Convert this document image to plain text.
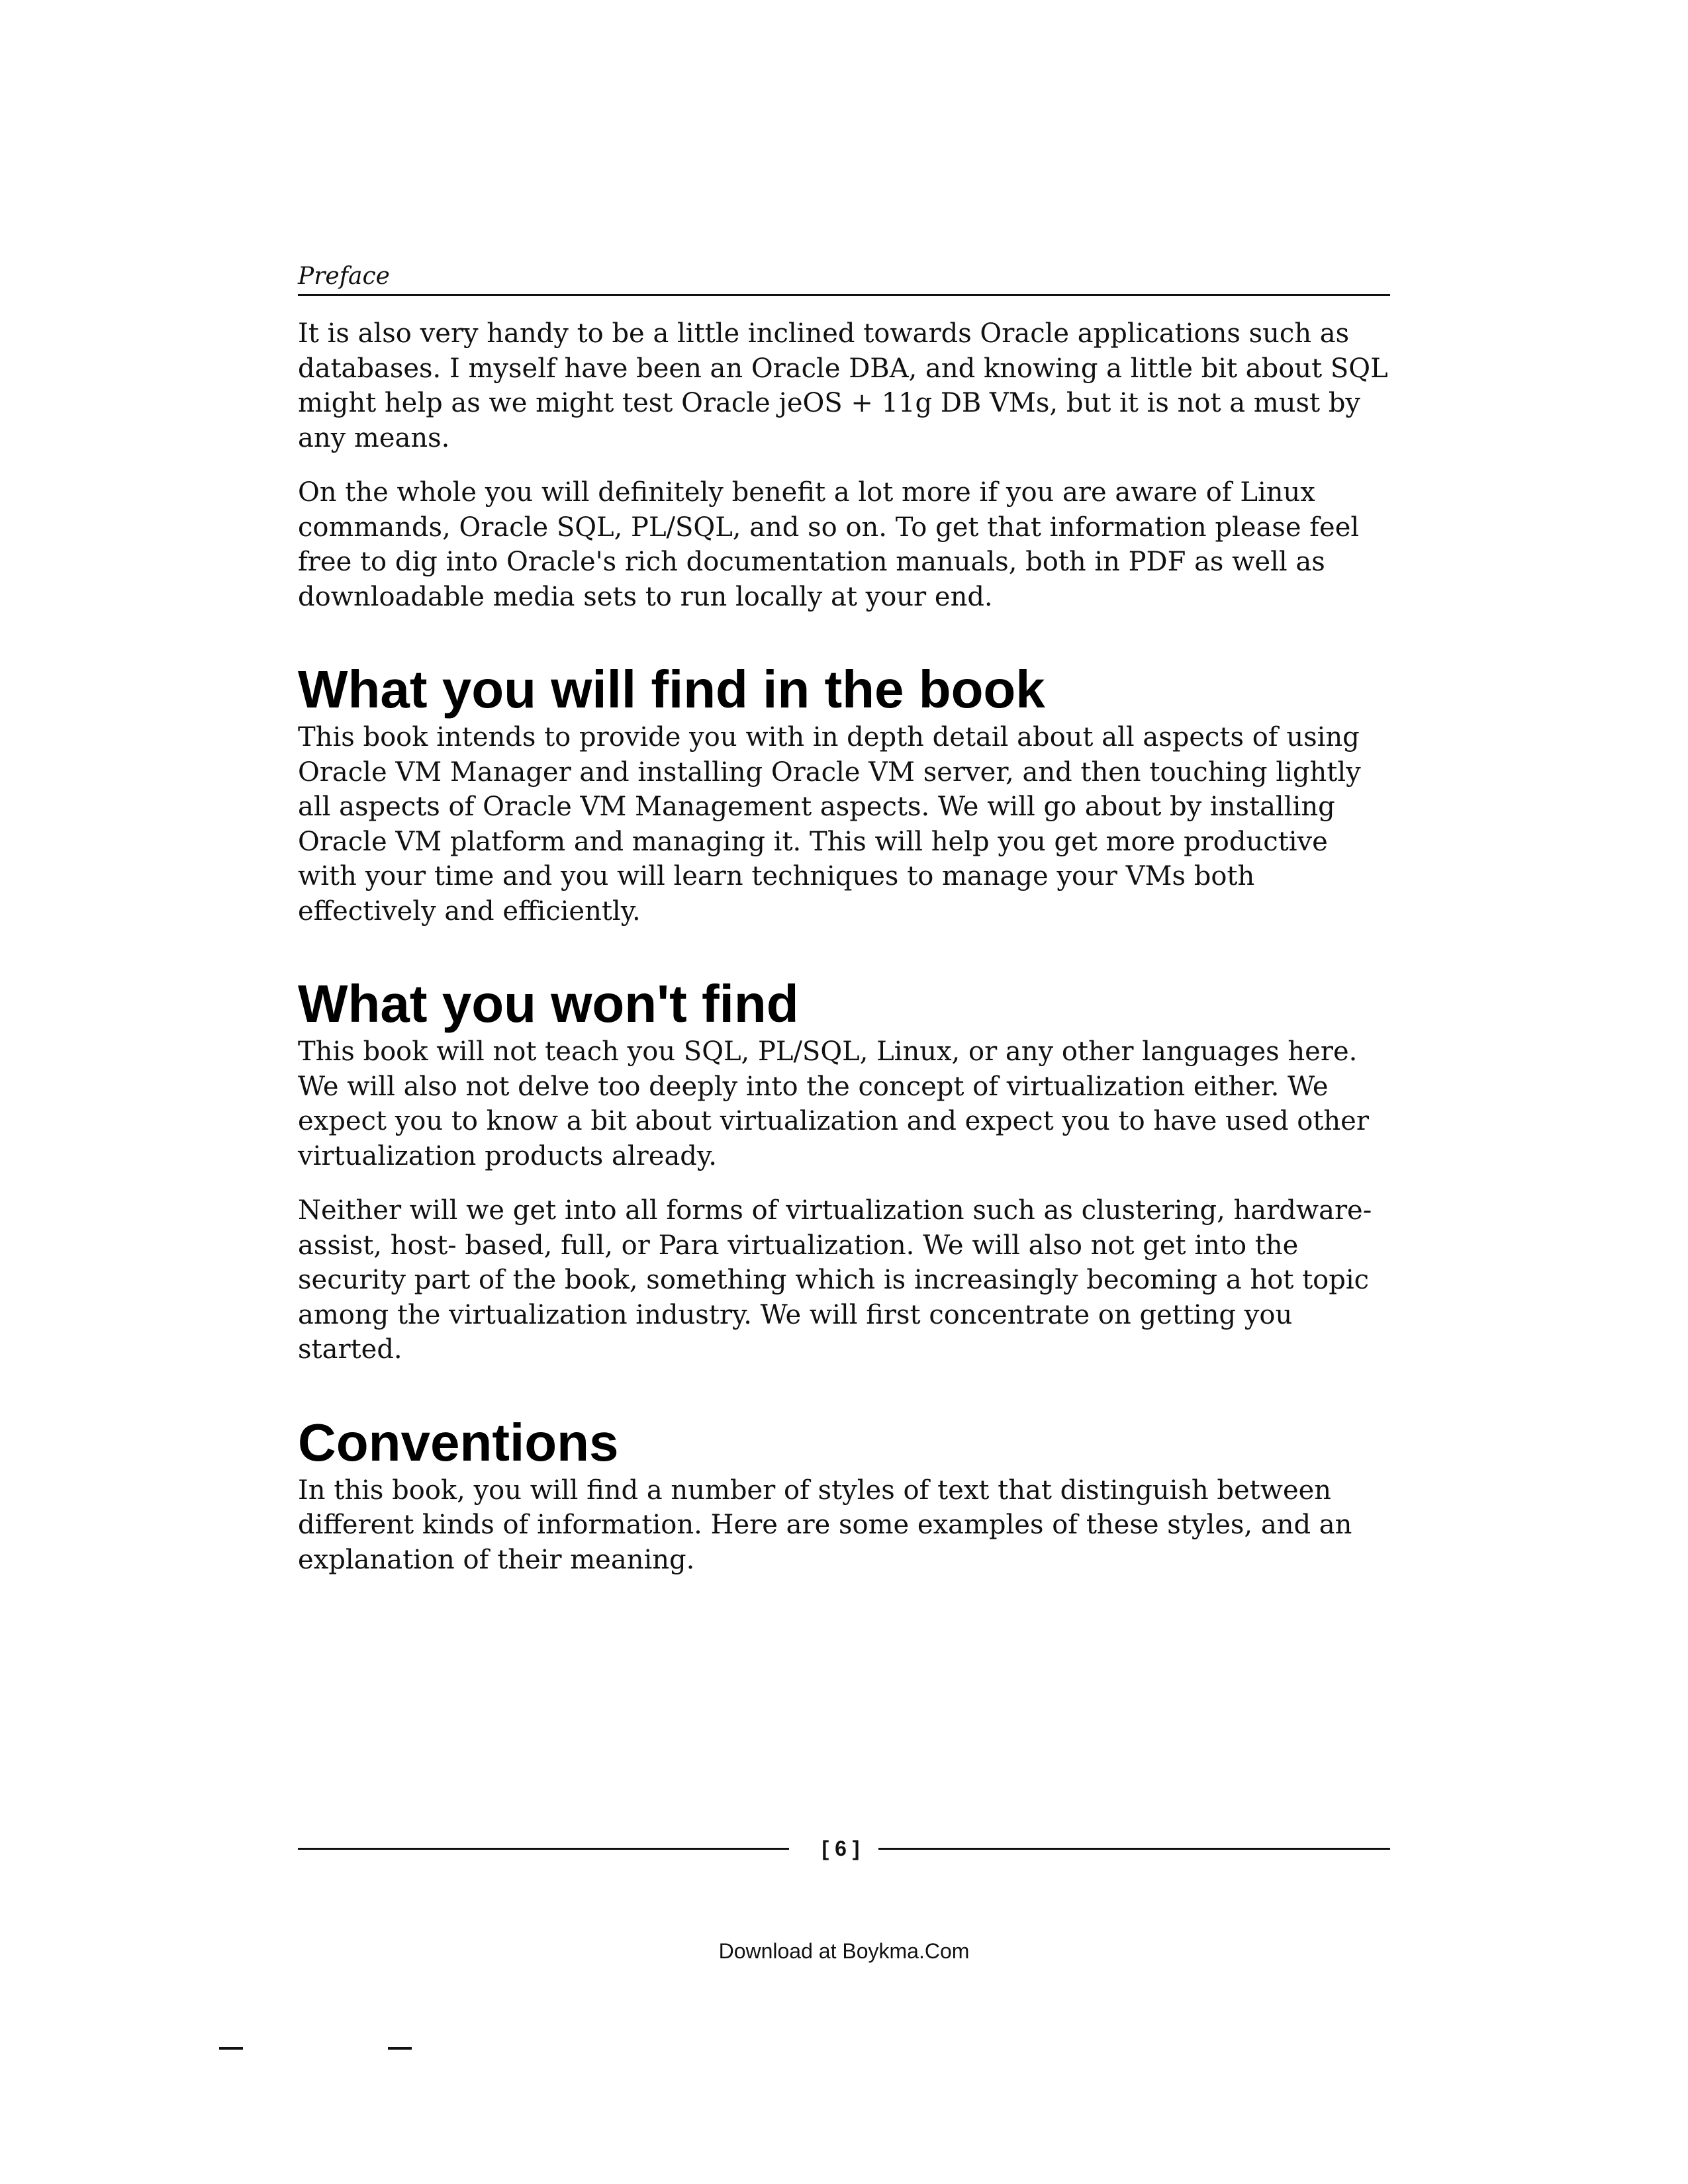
Preface

It is also very handy to be a little inclined towards Oracle applications such as databases. I myself have been an Oracle DBA, and knowing a little bit about SQL might help as we might test Oracle jeOS + 11g DB VMs, but it is not a must by any means.

On the whole you will definitely benefit a lot more if you are aware of Linux commands, Oracle SQL, PL/SQL, and so on. To get that information please feel free to dig into Oracle's rich documentation manuals, both in PDF as well as downloadable media sets to run locally at your end.

What you will find in the book

This book intends to provide you with in depth detail about all aspects of using Oracle VM Manager and installing Oracle VM server, and then touching lightly all aspects of Oracle VM Management aspects. We will go about by installing Oracle VM platform and managing it. This will help you get more productive with your time and you will learn techniques to manage your VMs both effectively and efficiently.

What you won't find

This book will not teach you SQL, PL/SQL, Linux, or any other languages here. We will also not delve too deeply into the concept of virtualization either. We expect you to know a bit about virtualization and expect you to have used other virtualization products already.

Neither will we get into all forms of virtualization such as clustering, hardware-assist, host- based, full, or Para virtualization. We will also not get into the security part of the book, something which is increasingly becoming a hot topic among the virtualization industry. We will first concentrate on getting you started.

Conventions

In this book, you will find a number of styles of text that distinguish between different kinds of information. Here are some examples of these styles, and an explanation of their meaning.

[ 6 ]
Download at Boykma.Com
